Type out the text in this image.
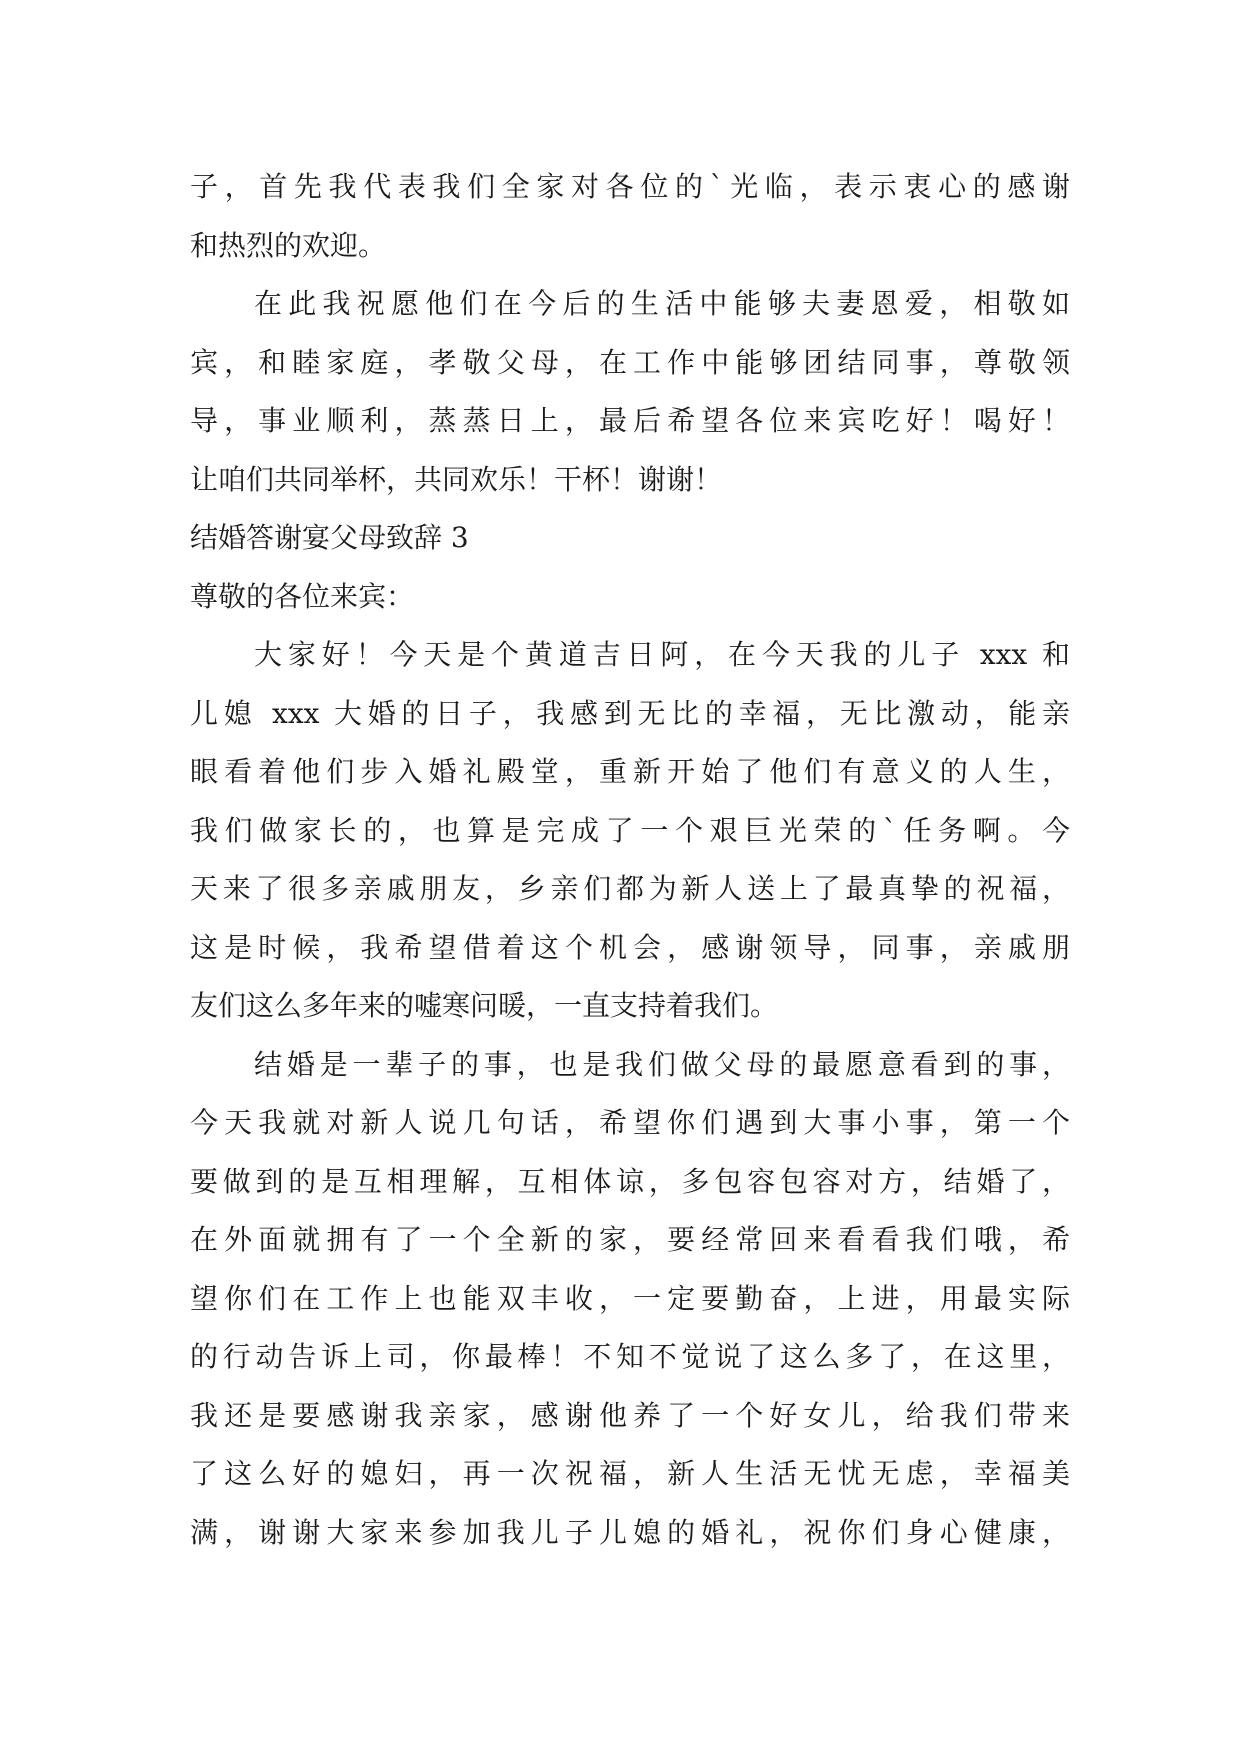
子，首先我代表我们全家对各位的`光临，表示衷心的感谢
和热烈的欢迎。
在此我祝愿他们在今后的生活中能够夫妻恩爱，相敬如
宾，和睦家庭，孝敬父母，在工作中能够团结同事，尊敬领
导，事业顺利，蒸蒸日上，最后希望各位来宾吃好！喝好！
让咱们共同举杯，共同欢乐！干杯！谢谢！
结婚答谢宴父母致辞 3
尊敬的各位来宾：
大家好！今天是个黄道吉日阿，在今天我的儿子 xxx 和
儿媳 xxx 大婚的日子，我感到无比的幸福，无比激动，能亲
眼看着他们步入婚礼殿堂，重新开始了他们有意义的人生，
我们做家长的，也算是完成了一个艰巨光荣的`任务啊。今
天来了很多亲戚朋友，乡亲们都为新人送上了最真挚的祝福，
这是时候，我希望借着这个机会，感谢领导，同事，亲戚朋
友们这么多年来的嘘寒问暖，一直支持着我们。
结婚是一辈子的事，也是我们做父母的最愿意看到的事，
今天我就对新人说几句话，希望你们遇到大事小事，第一个
要做到的是互相理解，互相体谅，多包容包容对方，结婚了，
在外面就拥有了一个全新的家，要经常回来看看我们哦，希
望你们在工作上也能双丰收，一定要勤奋，上进，用最实际
的行动告诉上司，你最棒！不知不觉说了这么多了，在这里，
我还是要感谢我亲家，感谢他养了一个好女儿，给我们带来
了这么好的媳妇，再一次祝福，新人生活无忧无虑，幸福美
满，谢谢大家来参加我儿子儿媳的婚礼，祝你们身心健康，
